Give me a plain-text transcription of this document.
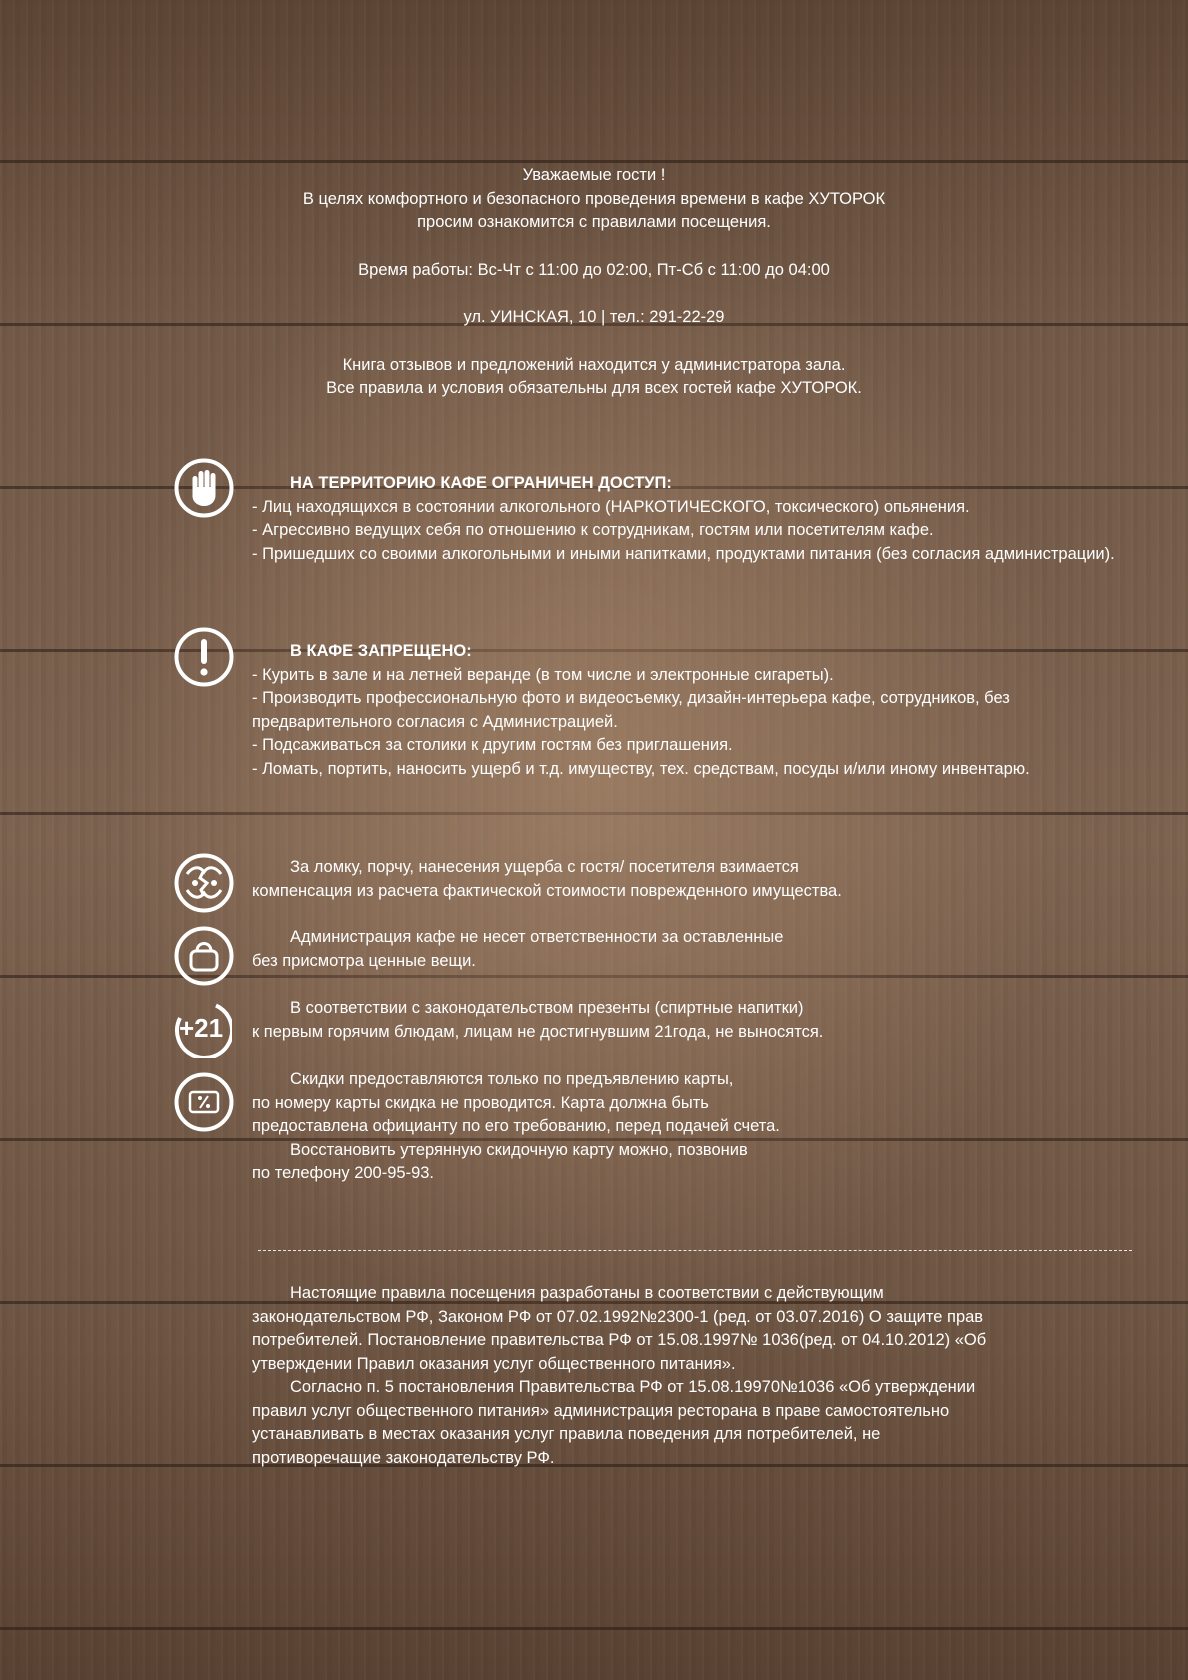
Уважаемые гости !

В целях комфортного и безопасного проведения времени в кафе ХУТОРОК

просим ознакомится с правилами посещения.

Время работы: Вс-Чт с 11:00 до 02:00, Пт-Сб с 11:00 до 04:00

ул. УИНСКАЯ, 10 | тел.: 291-22-29

Книга отзывов и предложений находится у администратора зала.

Все правила и условия обязательны для всех гостей кафе ХУТОРОК.

НА ТЕРРИТОРИЮ КАФЕ ОГРАНИЧЕН ДОСТУП:

- Лиц находящихся в состоянии алкогольного (НАРКОТИЧЕСКОГО, токсического) опьянения.

- Агрессивно ведущих себя по отношению к сотрудникам, гостям или посетителям кафе.

- Пришедших со своими алкогольными и иными напитками, продуктами питания (без согласия администрации).

В КАФЕ ЗАПРЕЩЕНО:

- Курить в зале и на летней веранде (в том числе и электронные сигареты).

- Производить профессиональную фото и видеосъемку, дизайн-интерьера кафе, сотрудников, без предварительного согласия с Администрацией.

- Подсаживаться за столики к другим гостям без приглашения.

- Ломать, портить, наносить ущерб и т.д. имуществу, тех. средствам, посуды и/или иному инвентарю.

За ломку, порчу, нанесения ущерба с гостя/ посетителя взимается

компенсация из расчета фактической стоимости поврежденного имущества.

Администрация кафе не несет ответственности за оставленные

без присмотра ценные вещи.

+21

В соответствии с законодательством презенты (спиртные напитки)

к первым горячим блюдам, лицам не достигнувшим 21года, не выносятся.

Скидки предоставляются только по предъявлению карты,

по номеру карты скидка не проводится. Карта должна быть

предоставлена официанту по его требованию, перед подачей счета.

Восстановить утерянную скидочную карту можно, позвонив

по телефону 200-95-93.

Настоящие правила посещения разработаны в соответствии с действующим

законодательством РФ, Законом РФ от 07.02.1992№2300-1 (ред. от 03.07.2016) О защите прав

потребителей. Постановление правительства РФ от 15.08.1997№ 1036(ред. от 04.10.2012) «Об

утверждении Правил оказания услуг общественного питания».

Согласно п. 5 постановления Правительства РФ от 15.08.19970№1036 «Об утверждении

правил услуг общественного питания» администрация ресторана в праве самостоятельно

устанавливать в местах оказания услуг правила поведения для потребителей, не

противоречащие законодательству РФ.
